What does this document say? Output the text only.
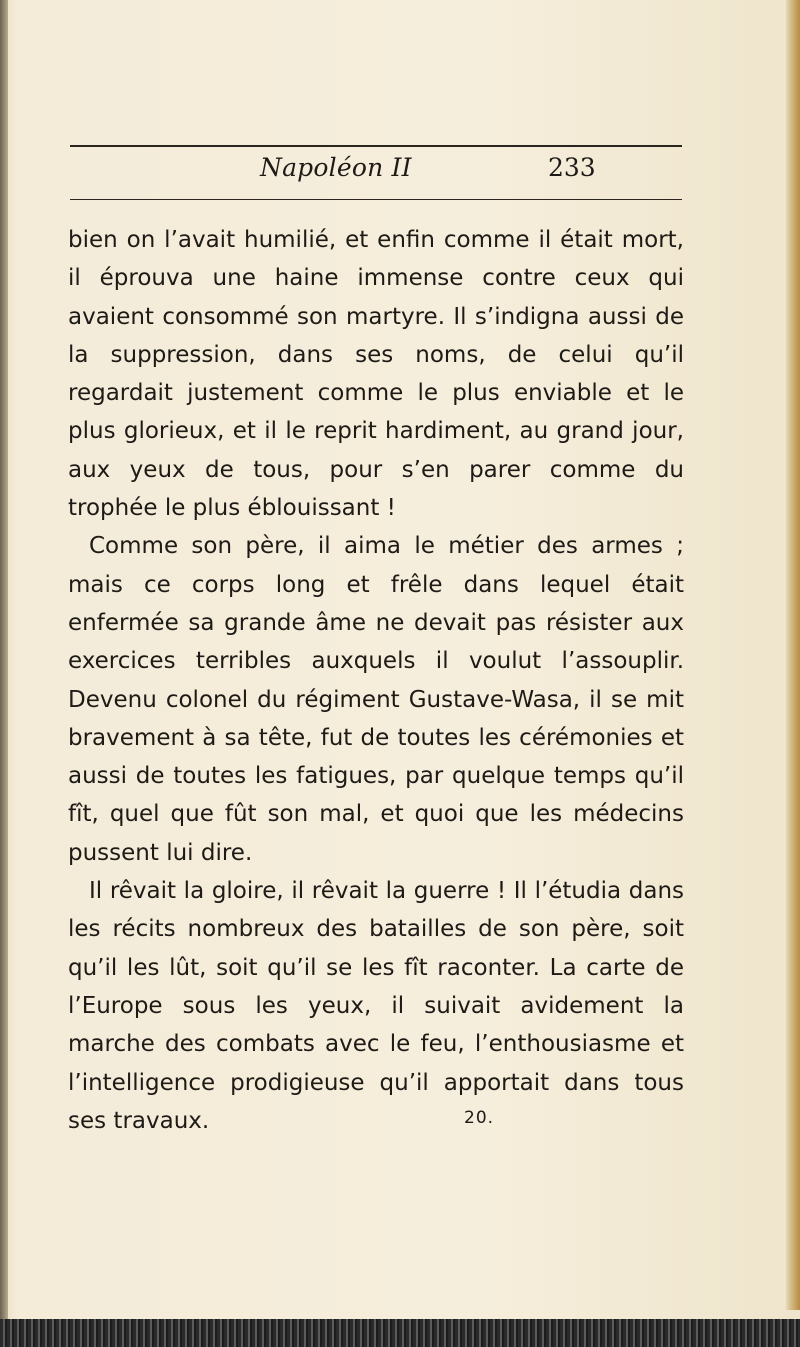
Napoléon II	233

bien on l’avait humilié, et enfin comme il était mort, il éprouva une haine immense contre ceux qui avaient consommé son martyre. Il s’indigna aussi de la suppression, dans ses noms, de celui qu’il regardait justement comme le plus enviable et le plus glorieux, et il le reprit hardiment, au grand jour, aux yeux de tous, pour s’en parer comme du trophée le plus éblouissant !

Comme son père, il aima le métier des armes ; mais ce corps long et frêle dans lequel était enfermée sa grande âme ne devait pas résister aux exercices terribles auxquels il voulut l’assouplir. Devenu colonel du régiment Gustave-Wasa, il se mit bravement à sa tête, fut de toutes les cérémonies et aussi de toutes les fatigues, par quelque temps qu’il fît, quel que fût son mal, et quoi que les médecins pussent lui dire.

Il rêvait la gloire, il rêvait la guerre ! Il l’étudia dans les récits nombreux des batailles de son père, soit qu’il les lût, soit qu’il se les fît raconter. La carte de l’Europe sous les yeux, il suivait avidement la marche des combats avec le feu, l’enthousiasme et l’intelligence prodigieuse qu’il apportait dans tous ses travaux.	20.
